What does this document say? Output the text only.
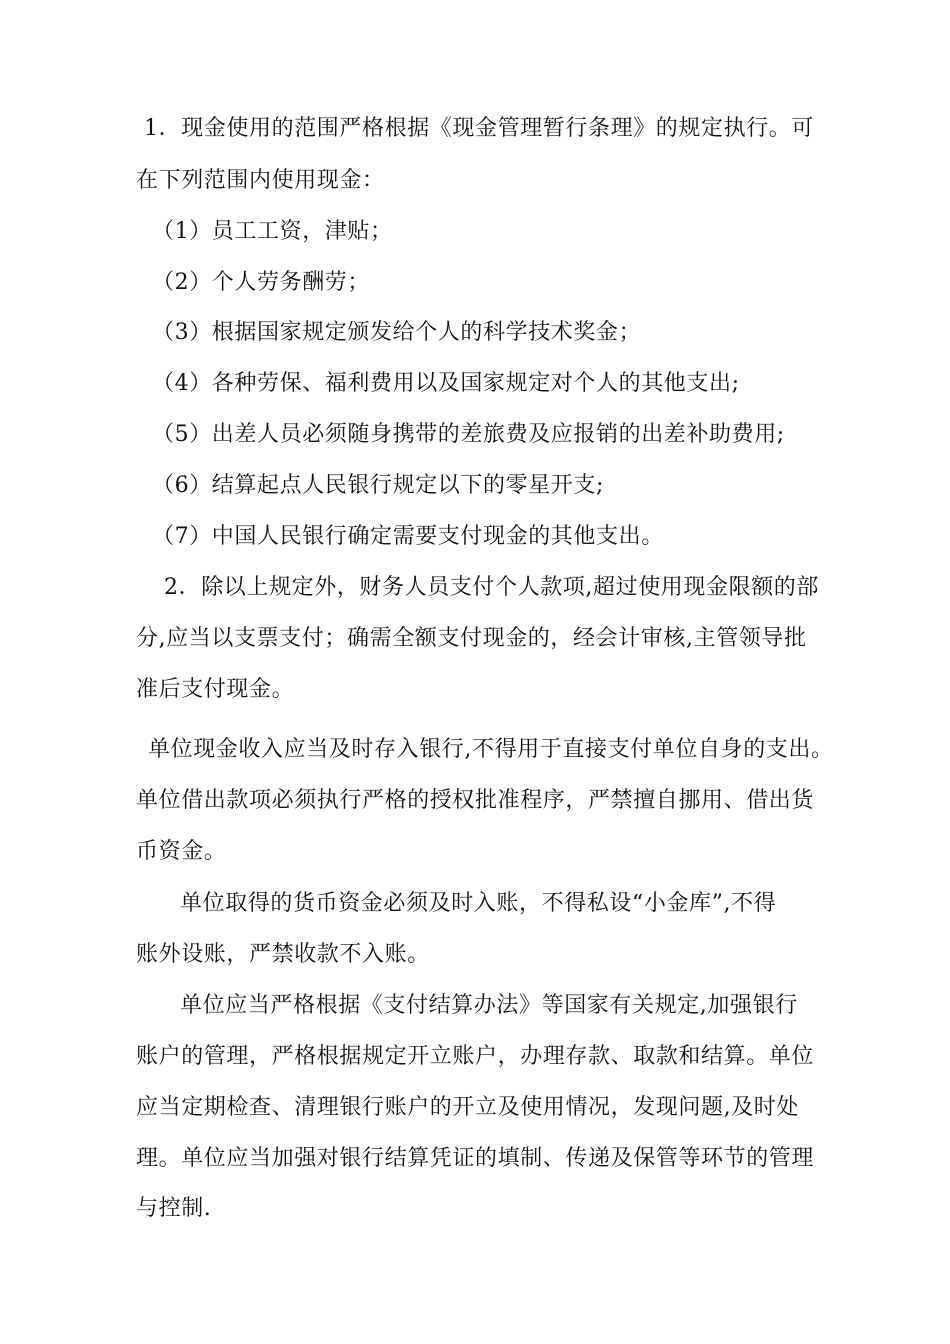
1．现金使用的范围严格根据《现金管理暂行条理》的规定执行。可
在下列范围内使用现金：
（1）员工工资，津贴；
（2）个人劳务酬劳；
（3）根据国家规定颁发给个人的科学技术奖金；
（4）各种劳保、福利费用以及国家规定对个人的其他支出;
（5）出差人员必须随身携带的差旅费及应报销的出差补助费用;
（6）结算起点人民银行规定以下的零星开支;
（7）中国人民银行确定需要支付现金的其他支出。
2．除以上规定外，财务人员支付个人款项,超过使用现金限额的部
分,应当以支票支付；确需全额支付现金的，经会计审核,主管领导批
准后支付现金。
单位现金收入应当及时存入银行,不得用于直接支付单位自身的支出。
单位借出款项必须执行严格的授权批准程序，严禁擅自挪用、借出货
币资金。
单位取得的货币资金必须及时入账，不得私设“小金库”,不得
账外设账，严禁收款不入账。
单位应当严格根据《支付结算办法》等国家有关规定,加强银行
账户的管理，严格根据规定开立账户，办理存款、取款和结算。单位
应当定期检查、清理银行账户的开立及使用情况，发现问题,及时处
理。单位应当加强对银行结算凭证的填制、传递及保管等环节的管理
与控制.
